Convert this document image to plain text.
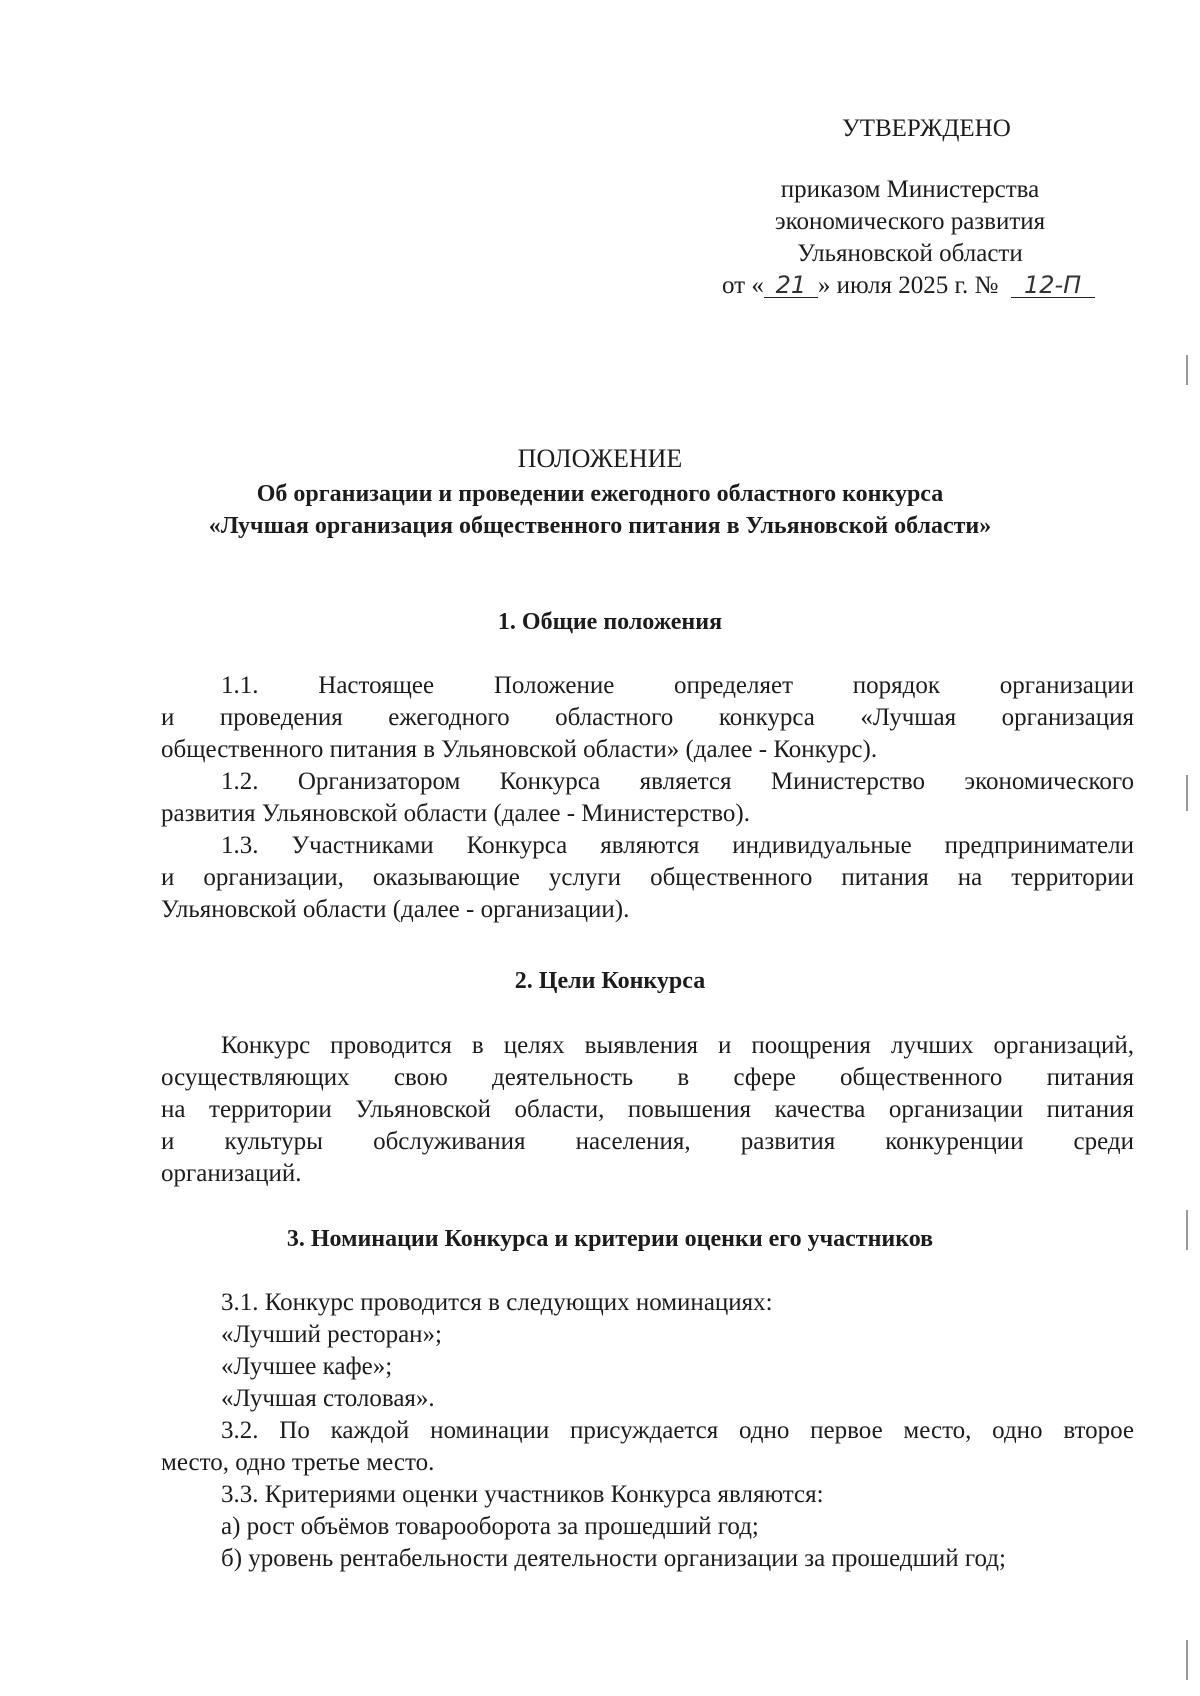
УТВЕРЖДЕНО
приказом Министерства
экономического развития
Ульяновской области
от « 21 » июля 2025 г. № 12-П
ПОЛОЖЕНИЕ
Об организации и проведении ежегодного областного конкурса
«Лучшая организация общественного питания в Ульяновской области»
1. Общие положения
1.1. Настоящее Положение определяет порядок организации
и проведения ежегодного областного конкурса «Лучшая организация
общественного питания в Ульяновской области» (далее - Конкурс).
1.2. Организатором Конкурса является Министерство экономического
развития Ульяновской области (далее - Министерство).
1.3. Участниками Конкурса являются индивидуальные предприниматели
и организации, оказывающие услуги общественного питания на территории
Ульяновской области (далее - организации).
2. Цели Конкурса
Конкурс проводится в целях выявления и поощрения лучших организаций,
осуществляющих свою деятельность в сфере общественного питания
на территории Ульяновской области, повышения качества организации питания
и культуры обслуживания населения, развития конкуренции среди
организаций.
3. Номинации Конкурса и критерии оценки его участников
3.1. Конкурс проводится в следующих номинациях:
«Лучший ресторан»;
«Лучшее кафе»;
«Лучшая столовая».
3.2. По каждой номинации присуждается одно первое место, одно второе
место, одно третье место.
3.3. Критериями оценки участников Конкурса являются:
а) рост объёмов товарооборота за прошедший год;
б) уровень рентабельности деятельности организации за прошедший год;
